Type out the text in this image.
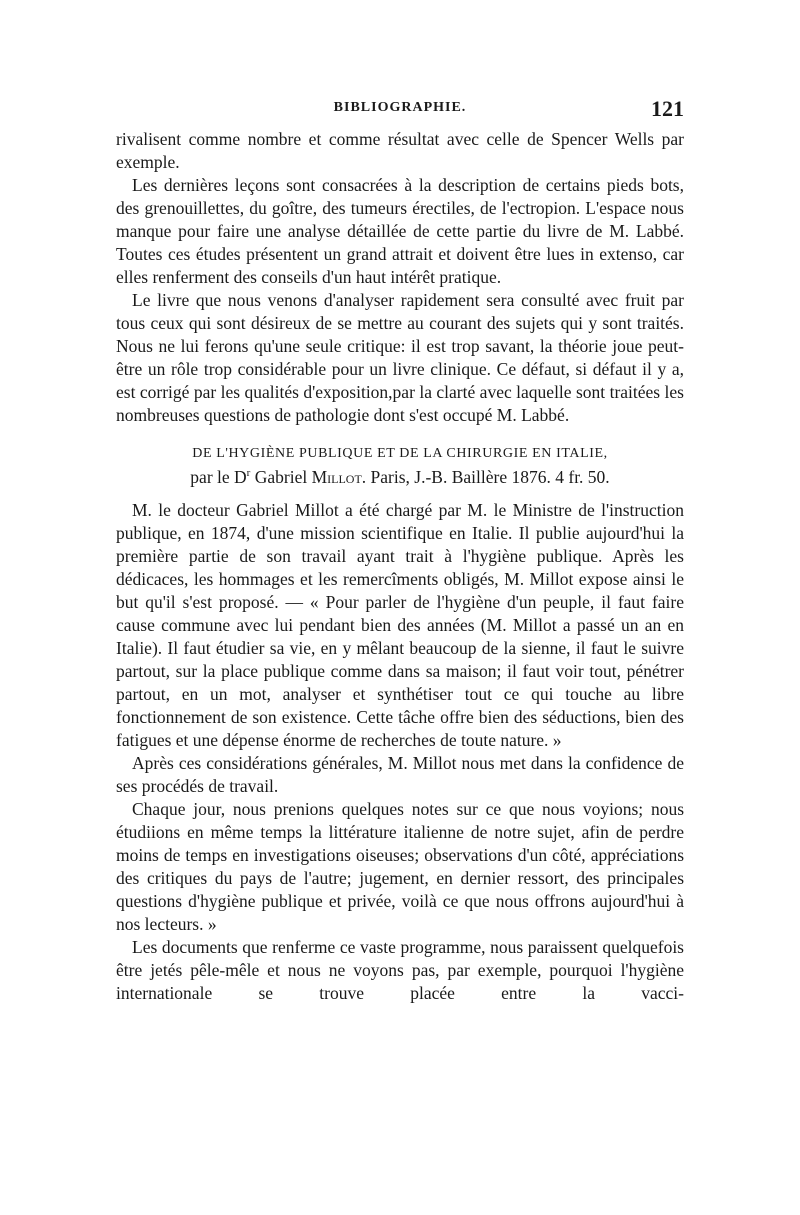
BIBLIOGRAPHIE.	121

rivalisent comme nombre et comme résultat avec celle de Spencer Wells par exemple.

Les dernières leçons sont consacrées à la description de certains pieds bots, des grenouillettes, du goître, des tumeurs érectiles, de l'ectropion. L'espace nous manque pour faire une analyse détaillée de cette partie du livre de M. Labbé. Toutes ces études présentent un grand attrait et doivent être lues in extenso, car elles renferment des conseils d'un haut intérêt pratique.

Le livre que nous venons d'analyser rapidement sera consulté avec fruit par tous ceux qui sont désireux de se mettre au courant des sujets qui y sont traités. Nous ne lui ferons qu'une seule critique: il est trop savant, la théorie joue peut-être un rôle trop considérable pour un livre clinique. Ce défaut, si défaut il y a, est corrigé par les qualités d'exposition,par la clarté avec laquelle sont traitées les nombreuses questions de pathologie dont s'est occupé M. Labbé.

DE L'HYGIÈNE PUBLIQUE ET DE LA CHIRURGIE EN ITALIE,
par le $D^r$ Gabriel Millot. Paris, J.-B. Baillère 1876. 4 fr. 50.

M. le docteur Gabriel Millot a été chargé par M. le Ministre de l'instruction publique, en 1874, d'une mission scientifique en Italie. Il publie aujourd'hui la première partie de son travail ayant trait à l'hygiène publique. Après les dédicaces, les hommages et les remercîments obligés, M. Millot expose ainsi le but qu'il s'est proposé. — « Pour parler de l'hygiène d'un peuple, il faut faire cause commune avec lui pendant bien des années (M. Millot a passé un an en Italie). Il faut étudier sa vie, en y mêlant beaucoup de la sienne, il faut le suivre partout, sur la place publique comme dans sa maison; il faut voir tout, pénétrer partout, en un mot, analyser et synthétiser tout ce qui touche au libre fonctionnement de son existence. Cette tâche offre bien des séductions, bien des fatigues et une dépense énorme de recherches de toute nature. »

Après ces considérations générales, M. Millot nous met dans la confidence de ses procédés de travail.

Chaque jour, nous prenions quelques notes sur ce que nous voyions; nous étudiions en même temps la littérature italienne de notre sujet, afin de perdre moins de temps en investigations oiseuses; observations d'un côté, appréciations des critiques du pays de l'autre; jugement, en dernier ressort, des principales questions d'hygiène publique et privée, voilà ce que nous offrons aujourd'hui à nos lecteurs. »

Les documents que renferme ce vaste programme, nous paraissent quelquefois être jetés pêle-mêle et nous ne voyons pas, par exemple, pourquoi l'hygiène internationale se trouve placée entre la vacci-
